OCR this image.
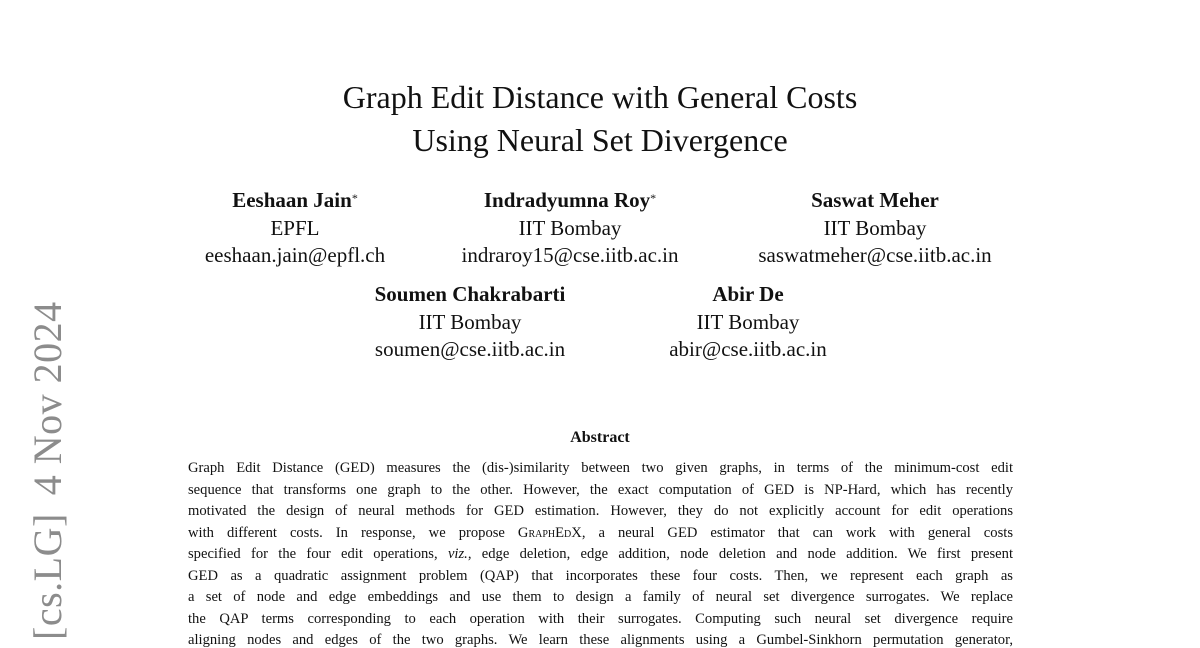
[cs.LG]4 Nov 2024
Graph Edit Distance with General Costs
Using Neural Set Divergence
Eeshaan Jain*
EPFL
eeshaan.jain@epfl.ch
Indradyumna Roy*
IIT Bombay
indraroy15@cse.iitb.ac.in
Saswat Meher
IIT Bombay
saswatmeher@cse.iitb.ac.in
Soumen Chakrabarti
IIT Bombay
soumen@cse.iitb.ac.in
Abir De
IIT Bombay
abir@cse.iitb.ac.in
Abstract
Graph Edit Distance (GED) measures the (dis-)similarity between two given graphs, in terms of the minimum-cost edit
sequence that transforms one graph to the other. However, the exact computation of GED is NP-Hard, which has recently
motivated the design of neural methods for GED estimation. However, they do not explicitly account for edit operations
with different costs. In response, we propose GraphEdX, a neural GED estimator that can work with general costs
specified for the four edit operations, viz., edge deletion, edge addition, node deletion and node addition. We first present
GED as a quadratic assignment problem (QAP) that incorporates these four costs. Then, we represent each graph as
a set of node and edge embeddings and use them to design a family of neural set divergence surrogates. We replace
the QAP terms corresponding to each operation with their surrogates. Computing such neural set divergence require
aligning nodes and edges of the two graphs. We learn these alignments using a Gumbel-Sinkhorn permutation generator,
